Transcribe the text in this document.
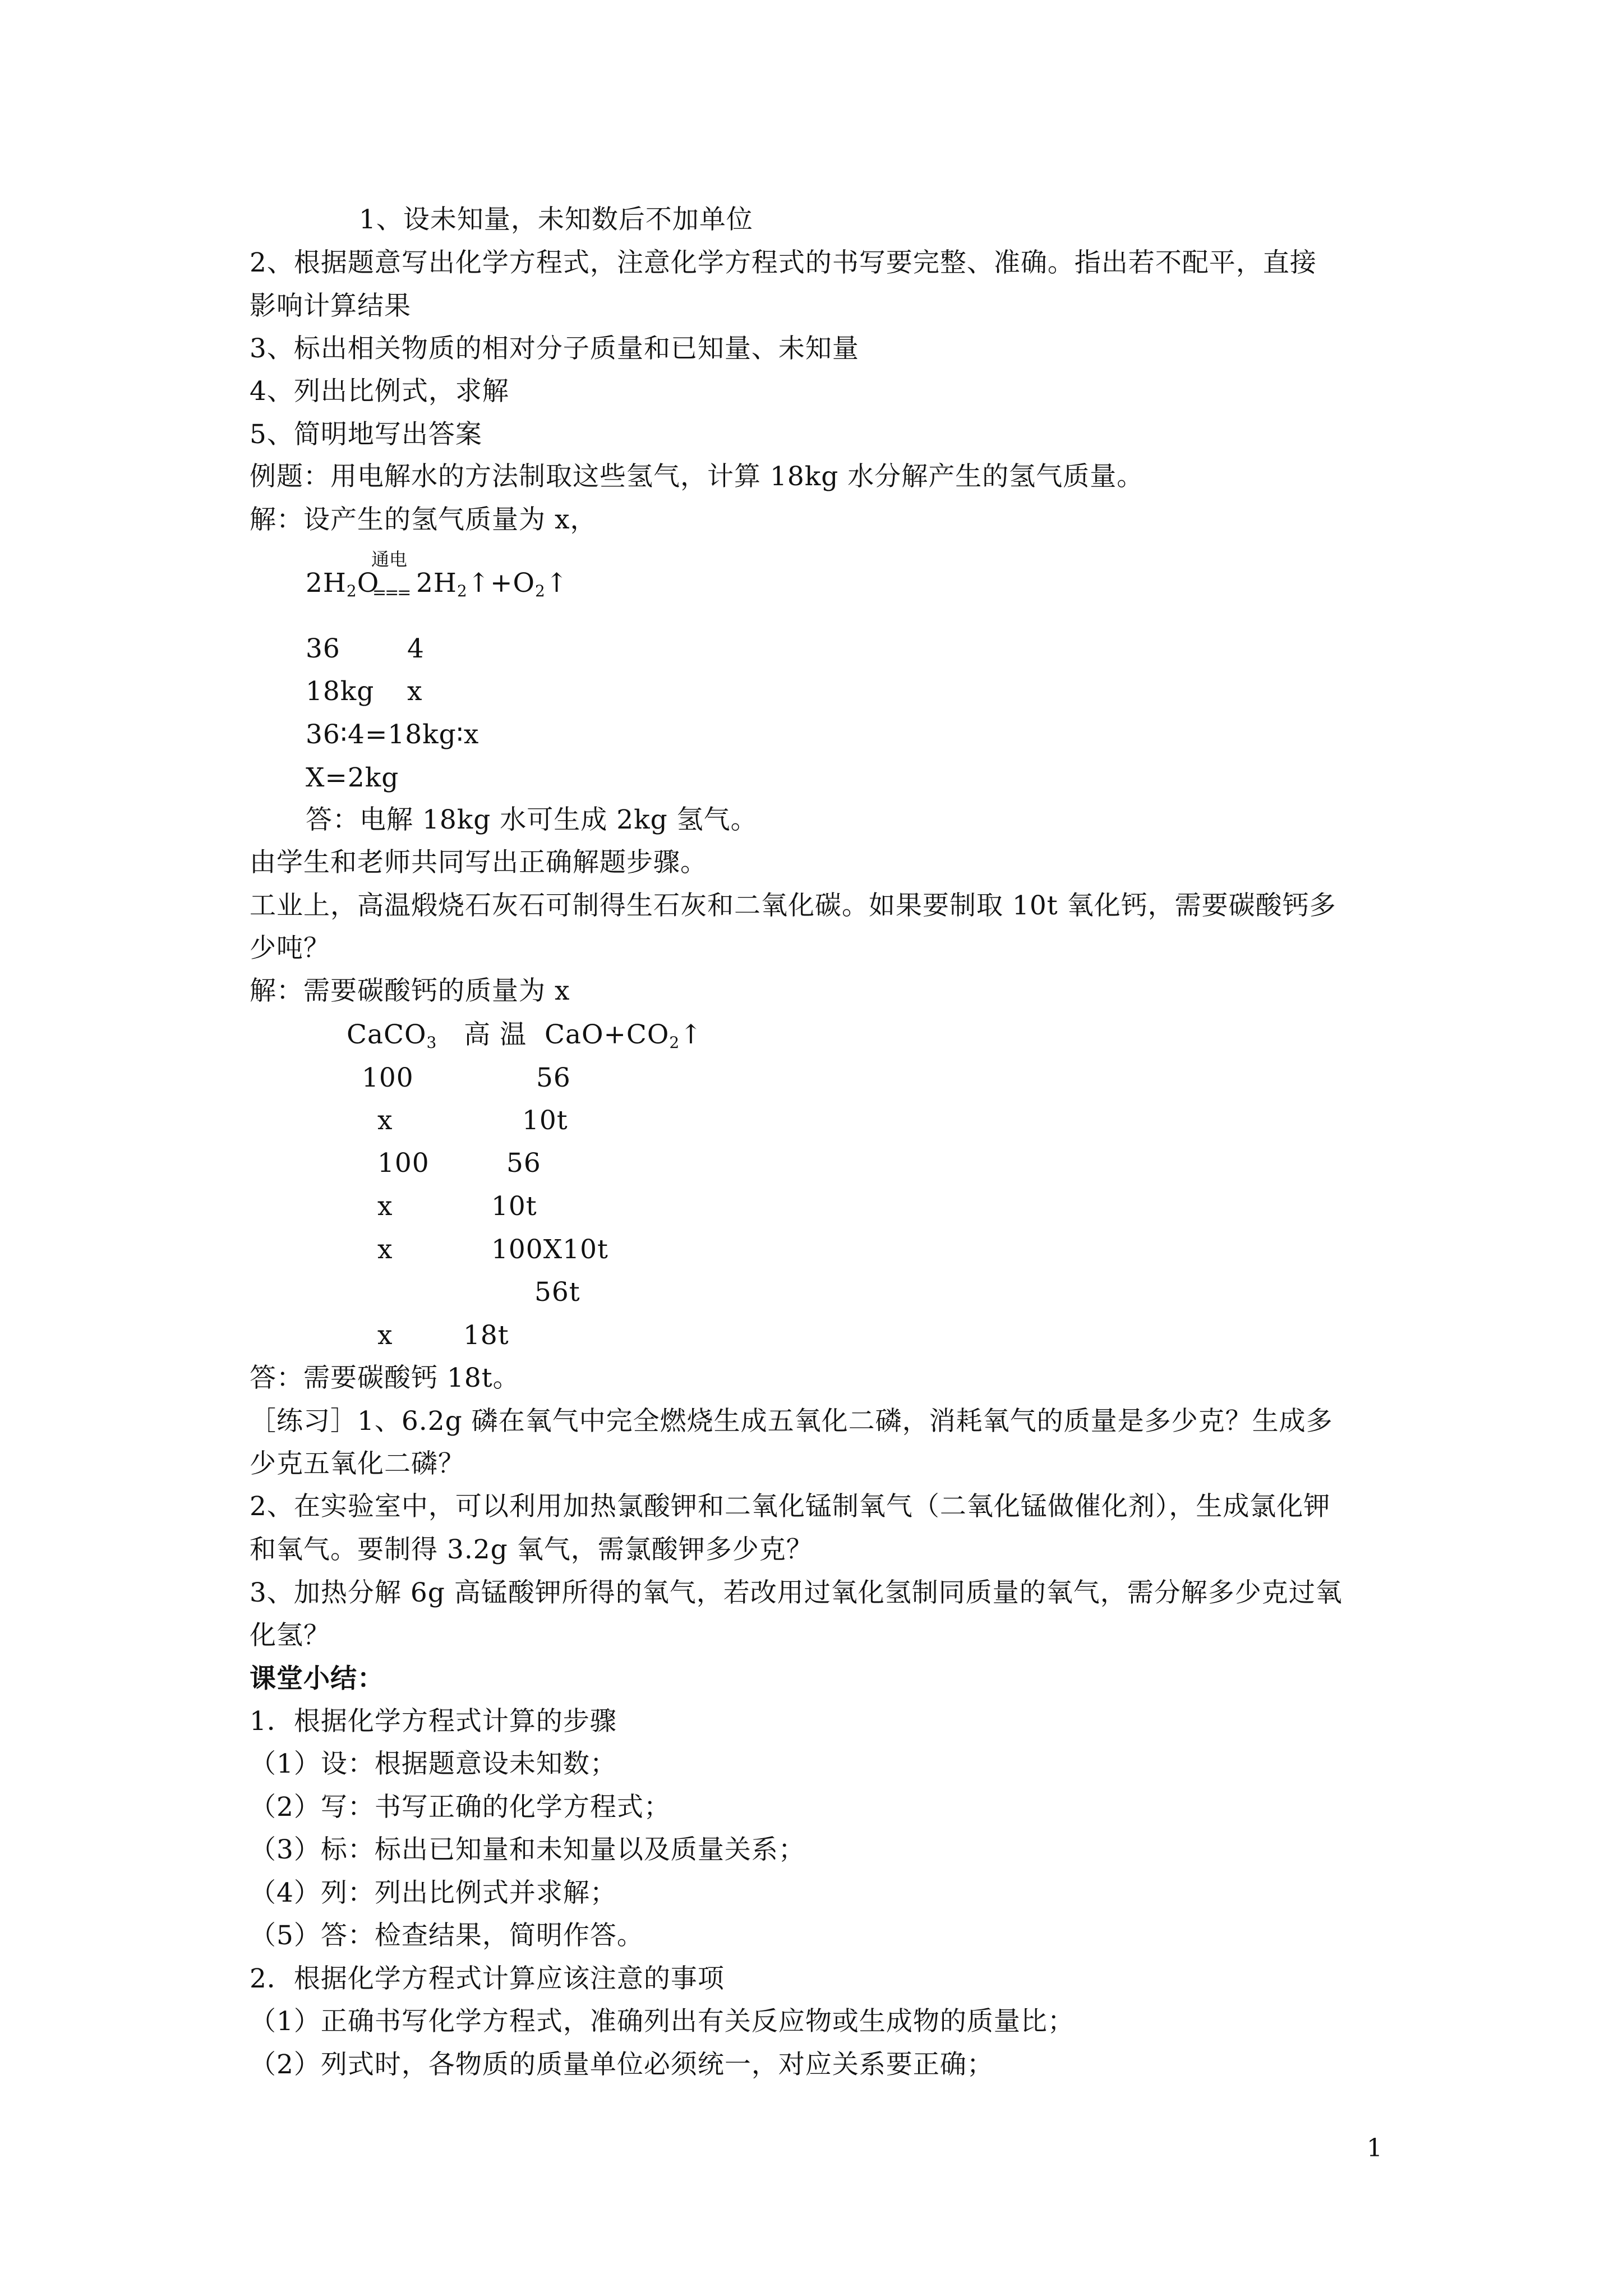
1、设未知量，未知数后不加单位
2、根据题意写出化学方程式，注意化学方程式的书写要完整、准确。指出若不配平，直接
影响计算结果
3、标出相关物质的相对分子质量和已知量、未知量
4、列出比例式，求解
5、简明地写出答案
例题：用电解水的方法制取这些氢气，计算 18kg 水分解产生的氢气质量。
解：设产生的氢气质量为 x，
$2H_2O$
通电
=== $2H_2↑+O_2↑$
36	4
18kg x
36∶4=18kg∶x
X=2kg
答：电解 18kg 水可生成 2kg 氢气。
由学生和老师共同写出正确解题步骤。
工业上，高温煅烧石灰石可制得生石灰和二氧化碳。如果要制取 10t 氧化钙，需要碳酸钙多
少吨？
解：需要碳酸钙的质量为 x
CaCO$_3$ 高 温 $CaO+CO_2↑$
100	56
x	10t
100	56
x	10t
x	100X10t
56t
x	18t
答：需要碳酸钙 18t。
［练习］1、6.2g 磷在氧气中完全燃烧生成五氧化二磷，消耗氧气的质量是多少克？生成多
少克五氧化二磷？
2、在实验室中，可以利用加热氯酸钾和二氧化锰制氧气（二氧化锰做催化剂），生成氯化钾
和氧气。要制得 3.2g 氧气，需氯酸钾多少克？
3、加热分解 6g 高锰酸钾所得的氧气，若改用过氧化氢制同质量的氧气，需分解多少克过氧
化氢？
课堂小结：
1．根据化学方程式计算的步骤
（1）设：根据题意设未知数；
（2）写：书写正确的化学方程式；
（3）标：标出已知量和未知量以及质量关系；
（4）列：列出比例式并求解；
（5）答：检查结果，简明作答。
2．根据化学方程式计算应该注意的事项
（1）正确书写化学方程式，准确列出有关反应物或生成物的质量比；
（2）列式时，各物质的质量单位必须统一，对应关系要正确；
1
